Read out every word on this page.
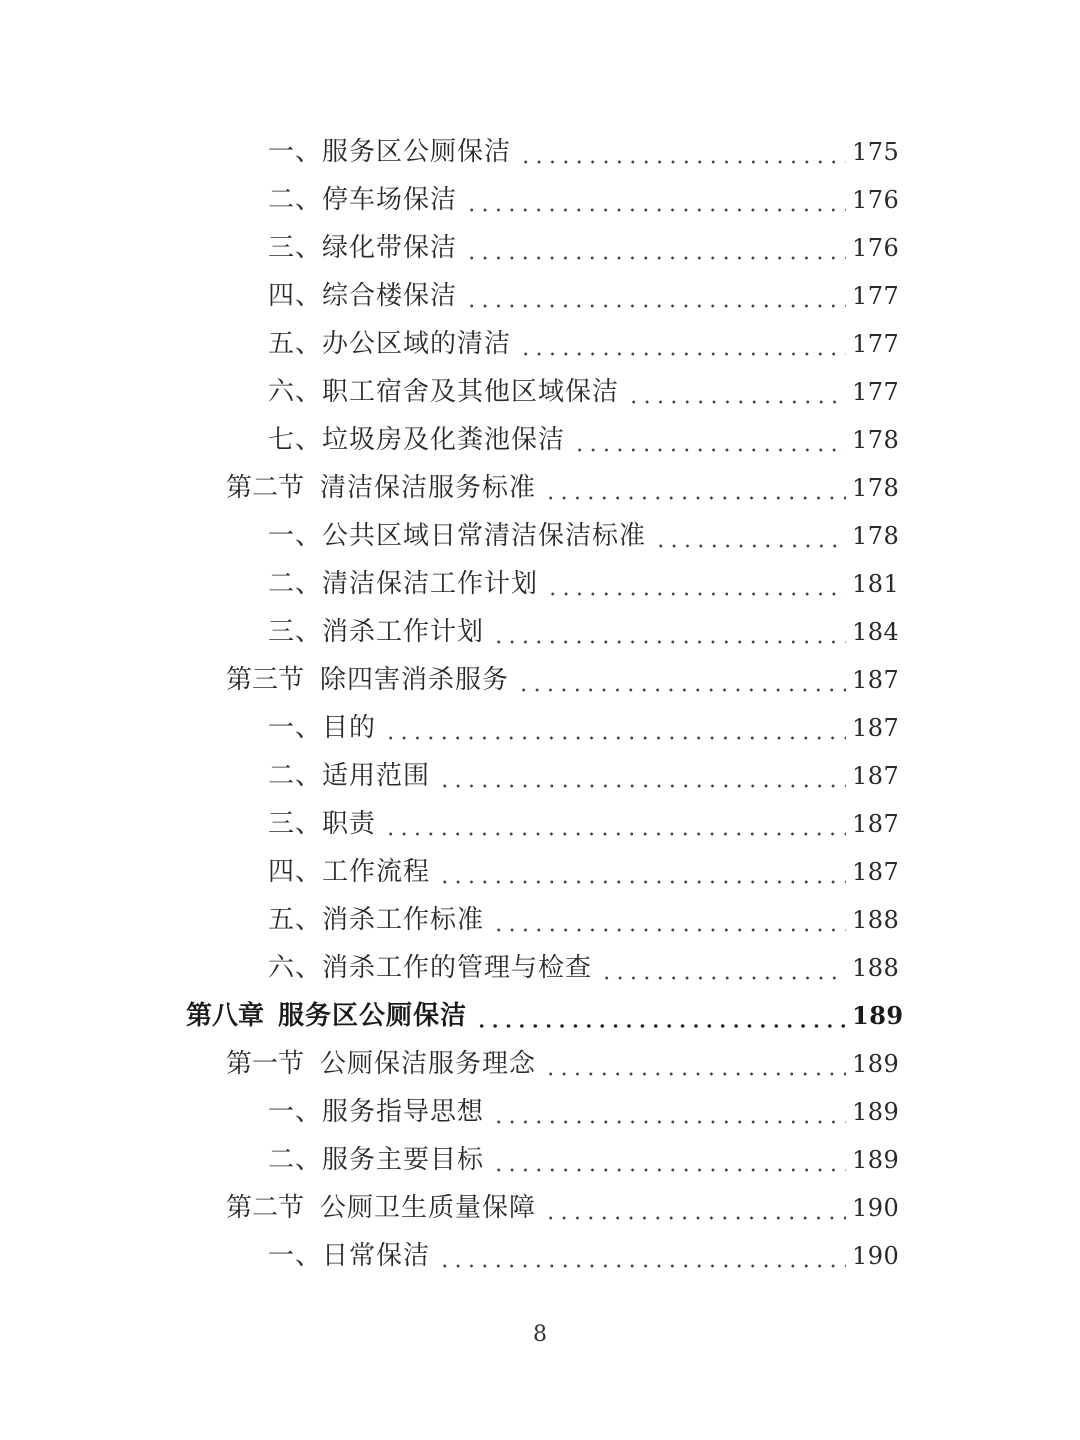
一、 服务区公厕保洁	175
二、 停车场保洁	176
三、 绿化带保洁	176
四、 综合楼保洁	177
五、 办公区域的清洁	177
六、 职工宿舍及其他区域保洁	177
七、 垃圾房及化粪池保洁	178
第二节 清洁保洁服务标准	178
一、 公共区域日常清洁保洁标准	178
二、 清洁保洁工作计划	181
三、 消杀工作计划	184
第三节 除四害消杀服务	187
一、 目的	187
二、 适用范围	187
三、 职责	187
四、 工作流程	187
五、 消杀工作标准	188
六、 消杀工作的管理与检查	188
第八章 服务区公厕保洁	189
第一节 公厕保洁服务理念	189
一、 服务指导思想	189
二、 服务主要目标	189
第二节 公厕卫生质量保障	190
一、 日常保洁	190
8
